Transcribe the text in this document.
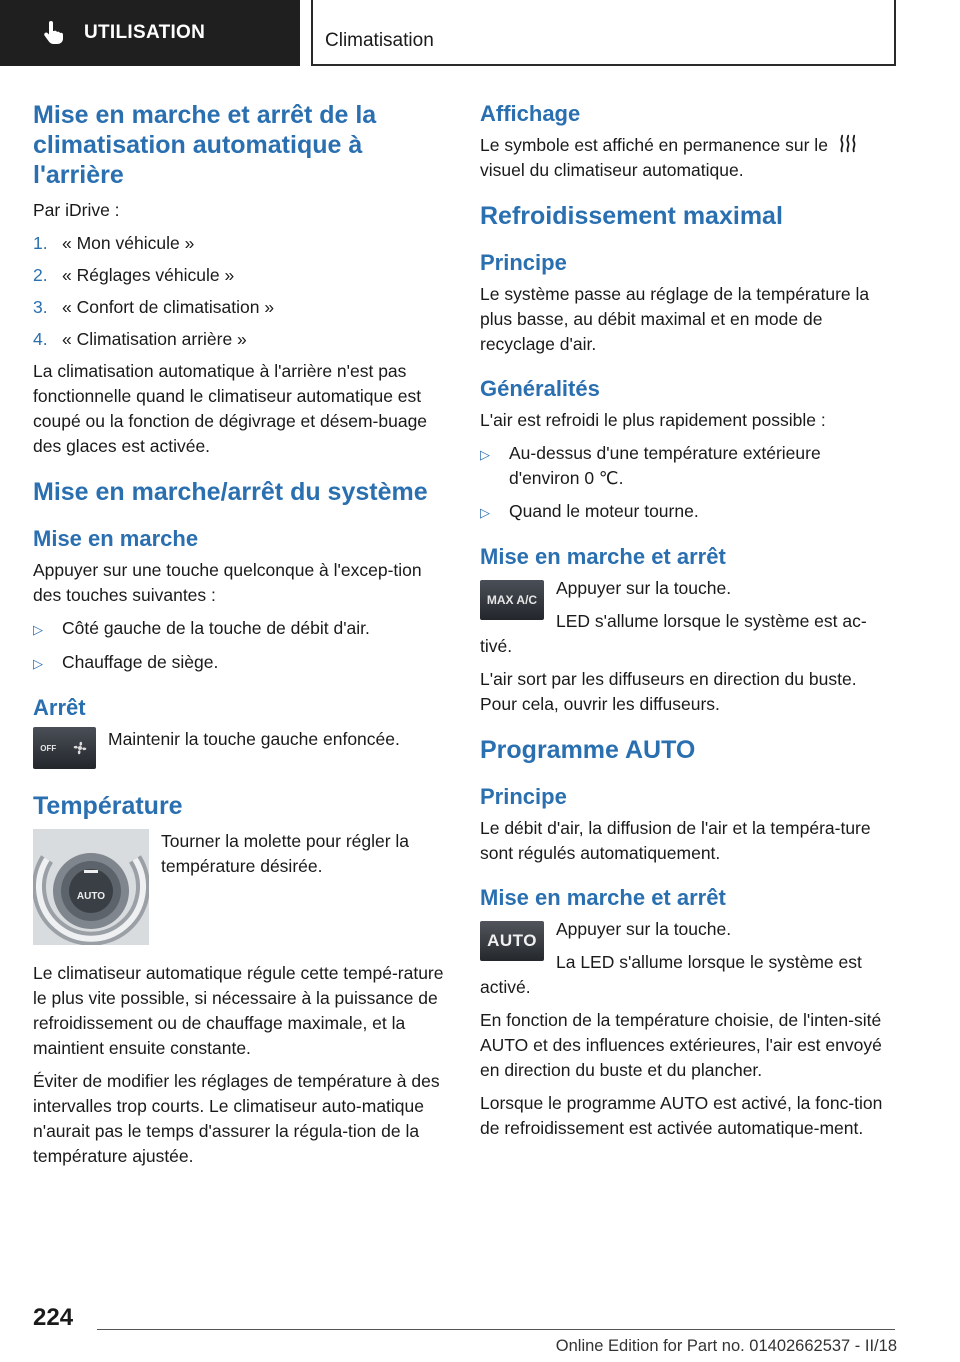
UTILISATION	Climatisation
Mise en marche et arrêt de la climatisation automatique à l'arrière

Par iDrive :

1. « Mon véhicule »
2. « Réglages véhicule »
3. « Confort de climatisation »
4. « Climatisation arrière »

La climatisation automatique à l'arrière n'est pas fonctionnelle quand le climatiseur automatique est coupé ou la fonction de dégivrage et désem-buage des glaces est activée.

Mise en marche/arrêt du système
Mise en marche

Appuyer sur une touche quelconque à l'excep-tion des touches suivantes :

▷	Côté gauche de la touche de débit d'air.
▷	Chauffage de siège.
Arrêt
OFF	Maintenir la touche gauche enfoncée.

Température
AUTO

Tourner la molette pour régler la température désirée.

Le climatiseur automatique régule cette tempé-rature le plus vite possible, si nécessaire à la puissance de refroidissement ou de chauffage maximale, et la maintient ensuite constante.

Éviter de modifier les réglages de température à des intervalles trop courts. Le climatiseur auto-matique n'aurait pas le temps d'assurer la régula-tion de la température ajustée.

Affichage

Le symbole est affiché en permanence sur le
visuel du climatiseur automatique.

Refroidissement maximal
Principe

Le système passe au réglage de la température la plus basse, au débit maximal et en mode de recyclage d'air.

Généralités

L'air est refroidi le plus rapidement possible :

▷	Au-dessus d'une température extérieure d'environ 0 ℃.
▷	Quand le moteur tourne.
Mise en marche et arrêt
MAX A/C

Appuyer sur la touche.

LED s'allume lorsque le système est ac-tivé.

L'air sort par les diffuseurs en direction du buste. Pour cela, ouvrir les diffuseurs.

Programme AUTO
Principe

Le débit d'air, la diffusion de l'air et la tempéra-ture sont régulés automatiquement.

Mise en marche et arrêt
AUTO

Appuyer sur la touche.

La LED s'allume lorsque le système est activé.

En fonction de la température choisie, de l'inten-sité AUTO et des influences extérieures, l'air est envoyé en direction du buste et du plancher.

Lorsque le programme AUTO est activé, la fonc-tion de refroidissement est activée automatique-ment.

224
Online Edition for Part no. 01402662537 - II/18
